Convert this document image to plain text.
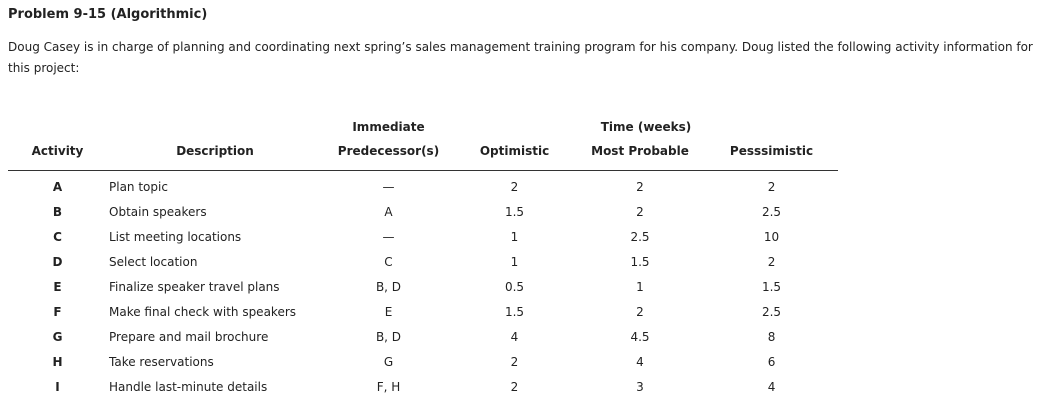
Problem 9-15 (Algorithmic)

Doug Casey is in charge of planning and coordinating next spring’s sales management training program for his company. Doug listed the following activity information for this project:

		Immediate	Time (weeks)		
Activity	Description	Predecessor(s)	Optimistic	Most Probable	Pesssimistic
A	Plan topic	—	2	2	2
B	Obtain speakers	A	1.5	2	2.5
C	List meeting locations	—	1	2.5	10
D	Select location	C	1	1.5	2
E	Finalize speaker travel plans	B, D	0.5	1	1.5
F	Make final check with speakers	E	1.5	2	2.5
G	Prepare and mail brochure	B, D	4	4.5	8
H	Take reservations	G	2	4	6
I	Handle last-minute details	F, H	2	3	4
